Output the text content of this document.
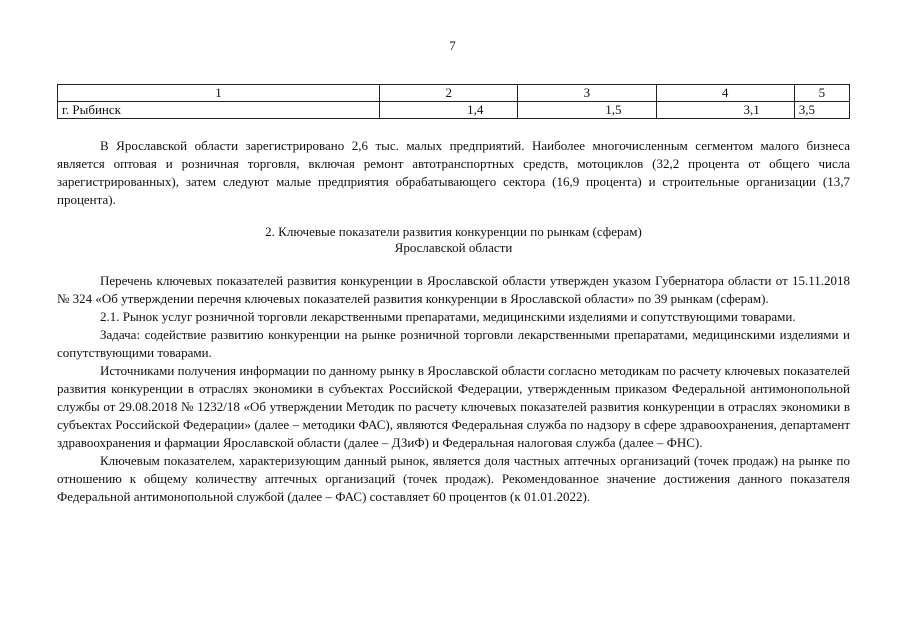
7
1	2	3	4	5
г. Рыбинск	1,4	1,5	3,1	3,5

В Ярославской области зарегистрировано 2,6 тыс. малых предприятий. Наиболее многочисленным сегментом малого бизнеса является оптовая и розничная торговля, включая ремонт автотранспортных средств, мотоциклов (32,2 процента от общего числа зарегистрированных), затем следуют малые предприятия обрабатывающего сектора (16,9 процента) и строительные организации (13,7 процента).

2. Ключевые показатели развития конкуренции по рынкам (сферам)
Ярославской области

Перечень ключевых показателей развития конкуренции в Ярославской области утвержден указом Губернатора области от 15.11.2018 № 324 «Об утверждении перечня ключевых показателей развития конкуренции в Ярославской области» по 39 рынкам (сферам).

2.1. Рынок услуг розничной торговли лекарственными препаратами, медицинскими изделиями и сопутствующими товарами.

Задача: содействие развитию конкуренции на рынке розничной торговли лекарственными препаратами, медицинскими изделиями и сопутствующими товарами.

Источниками получения информации по данному рынку в Ярославской области согласно методикам по расчету ключевых показателей развития конкуренции в отраслях экономики в субъектах Российской Федерации, утвержденным приказом Федеральной антимонопольной службы от 29.08.2018 № 1232/18 «Об утверждении Методик по расчету ключевых показателей развития конкуренции в отраслях экономики в субъектах Российской Федерации» (далее – методики ФАС), являются Федеральная служба по надзору в сфере здравоохранения, департамент здравоохранения и фармации Ярославской области (далее – ДЗиФ) и Федеральная налоговая служба (далее – ФНС).

Ключевым показателем, характеризующим данный рынок, является доля частных аптечных организаций (точек продаж) на рынке по отношению к общему количеству аптечных организаций (точек продаж). Рекомендованное значение достижения данного показателя Федеральной антимонопольной службой (далее – ФАС) составляет 60 процентов (к 01.01.2022).
